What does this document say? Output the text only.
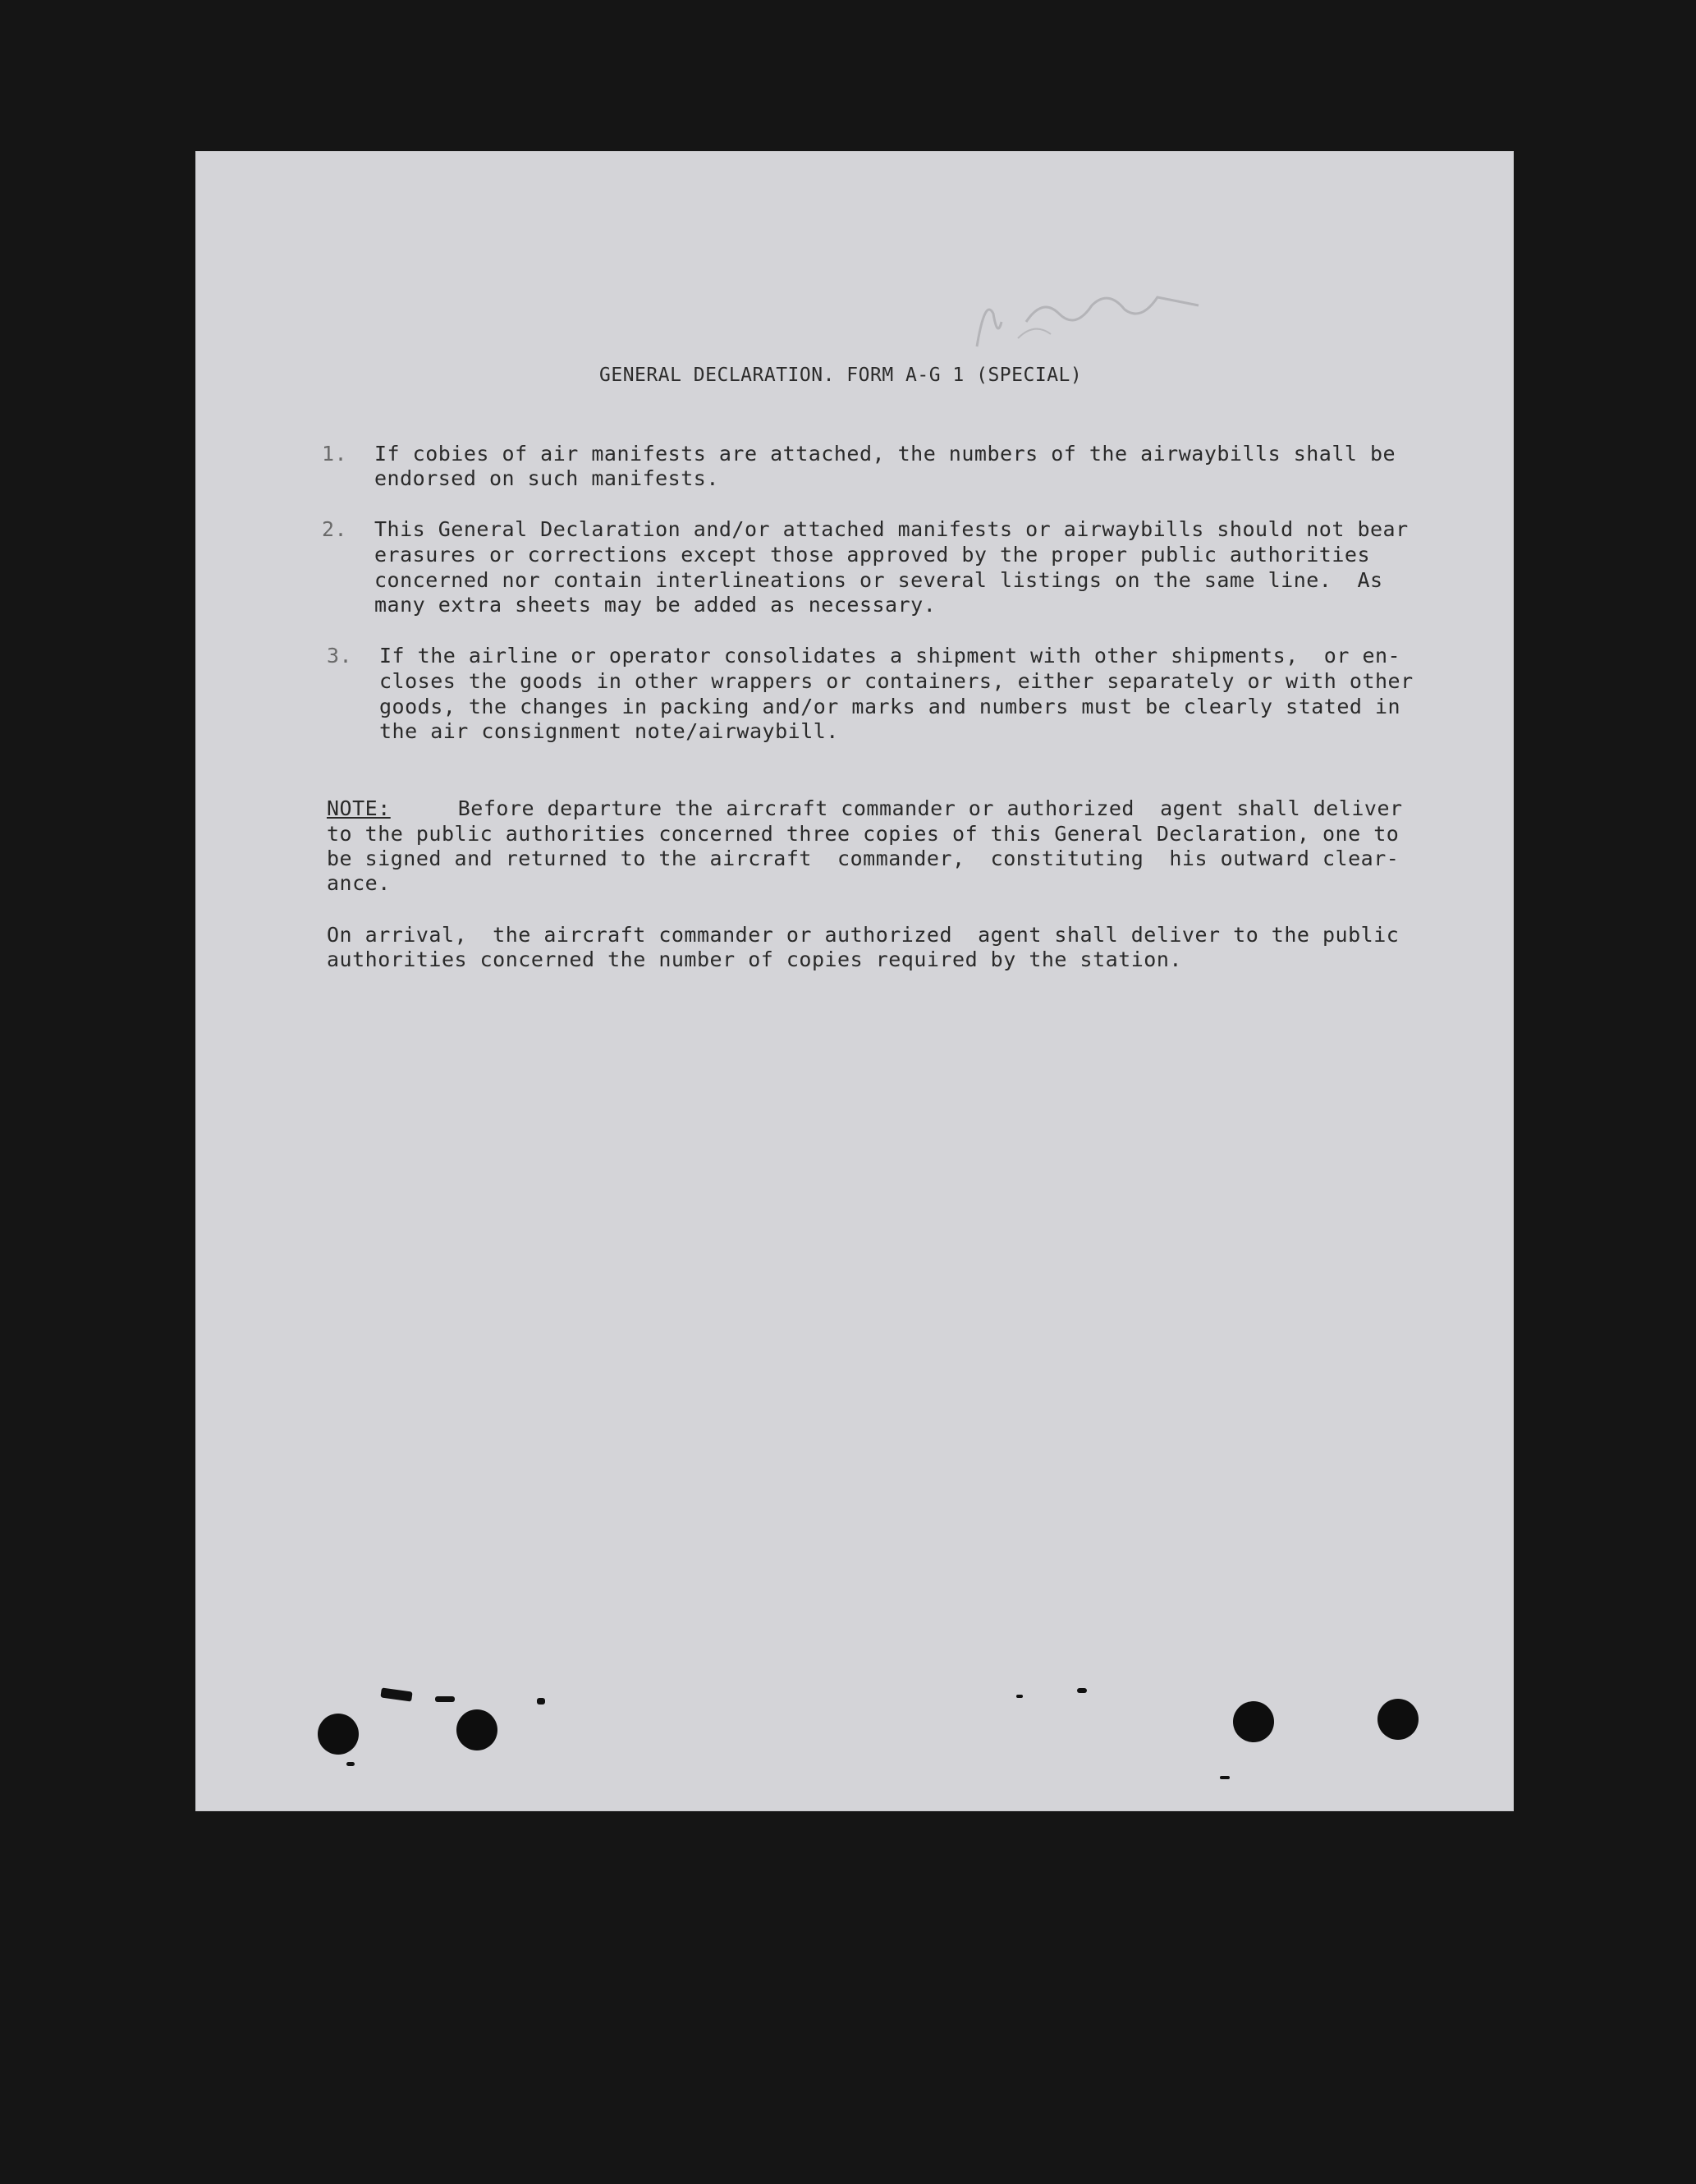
GENERAL DECLARATION. FORM A-G 1 (SPECIAL)
1. If cobies of air manifests are attached, the numbers of the airwaybills shall be
endorsed on such manifests.
2. This General Declaration and/or attached manifests or airwaybills should not bear
erasures or corrections except those approved by the proper public authorities
concerned nor contain interlineations or several listings on the same line.  As
many extra sheets may be added as necessary.
3. If the airline or operator consolidates a shipment with other shipments,  or en-
closes the goods in other wrappers or containers, either separately or with other
goods, the changes in packing and/or marks and numbers must be clearly stated in
the air consignment note/airwaybill.
NOTE: Before departure the aircraft commander or authorized  agent shall deliver
to the public authorities concerned three copies of this General Declaration, one to
be signed and returned to the aircraft  commander,  constituting  his outward clear-
ance.
On arrival,  the aircraft commander or authorized  agent shall deliver to the public
authorities concerned the number of copies required by the station.
